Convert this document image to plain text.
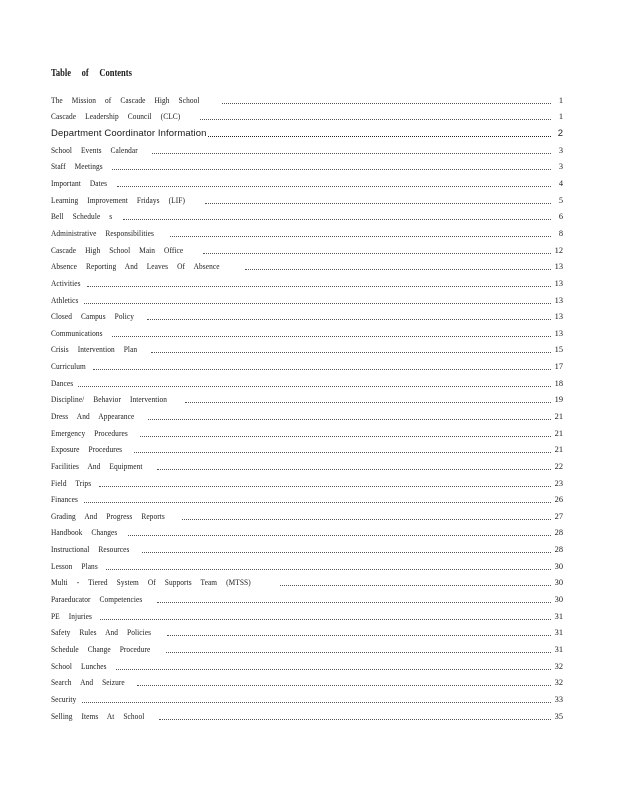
Table of Contents
The Mission of Cascade High School	1
Cascade Leadership Council (CLC)	1
Department Coordinator Information	2
School Events Calendar	3
Staff Meetings	3
Important Dates	4
Learning Improvement Fridays (LIF)	5
Bell Schedule s	6
Administrative Responsibilities	8
Cascade High School Main Office	12
Absence Reporting And Leaves Of Absence	13
Activities	13
Athletics	13
Closed Campus Policy	13
Communications	13
Crisis Intervention Plan	15
Curriculum	17
Dances	18
Discipline/ Behavior Intervention	19
Dress And Appearance	21
Emergency Procedures	21
Exposure Procedures	21
Facilities And Equipment	22
Field Trips	23
Finances	26
Grading And Progress Reports	27
Handbook Changes	28
Instructional Resources	28
Lesson Plans	30
Multi - Tiered System Of Supports Team (MTSS)	30
Paraeducator Competencies	30
PE Injuries	31
Safety Rules And Policies	31
Schedule Change Procedure	31
School Lunches	32
Search And Seizure	32
Security	33
Selling Items At School	35
